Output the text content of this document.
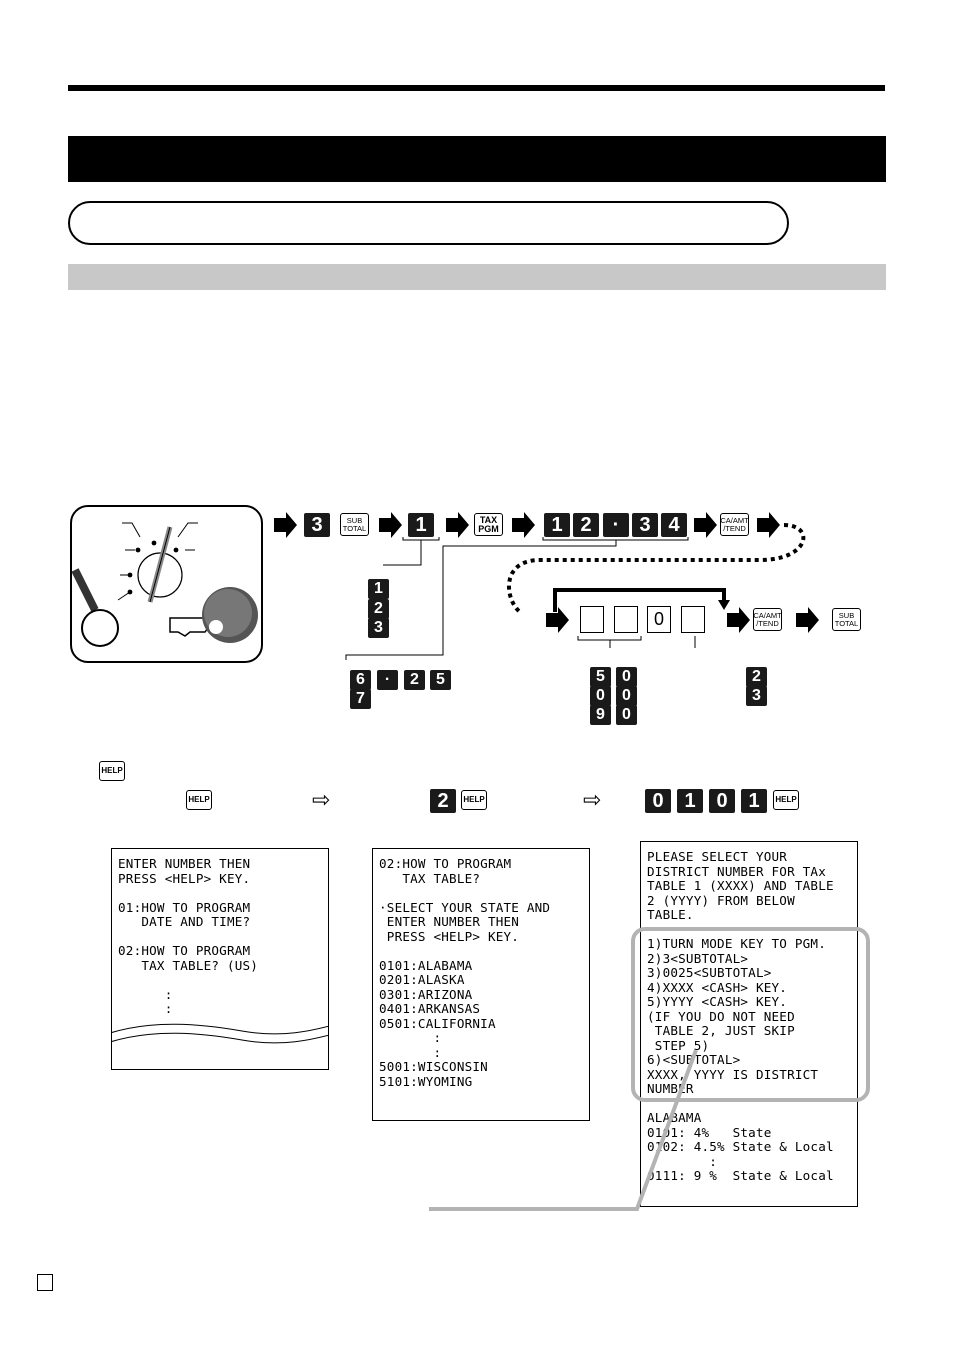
3	SUB
TOTAL	1	TAX
PGM	1 2	·	3 4	CA/AMT
/TEND
0	CA/AMT
/TEND
SUB
TOTAL
1
2
3
6	·	2	5
7
5	0
0	0
9	0
2
3
HELP
HELP	⇨	2	HELP	⇨	0	1	0	1	HELP
ENTER NUMBER THEN
PRESS <HELP> KEY.

01:HOW TO PROGRAM
DATE AND TIME?

02:HOW TO PROGRAM
TAX TABLE? (US)

:
:
02:HOW TO PROGRAM
TAX TABLE?

·SELECT YOUR STATE AND
ENTER NUMBER THEN
PRESS <HELP> KEY.

0101:ALABAMA
0201:ALASKA
0301:ARIZONA
0401:ARKANSAS
0501:CALIFORNIA
:
:
5001:WISCONSIN
5101:WYOMING
PLEASE SELECT YOUR
DISTRICT NUMBER FOR TAx
TABLE 1 (XXXX) AND TABLE
2 (YYYY) FROM BELOW
TABLE.

1)TURN MODE KEY TO PGM.
2)3<SUBTOTAL>
3)0025<SUBTOTAL>
4)XXXX <CASH> KEY.
5)YYYY <CASH> KEY.
(IF YOU DO NOT NEED
TABLE 2, JUST SKIP
STEP 5)
6)<SUBTOTAL>
XXXX, YYYY IS DISTRICT
NUMBER

ALABAMA
0101: 4%   State
0102: 4.5% State & Local
:
0111: 9 %  State & Local
